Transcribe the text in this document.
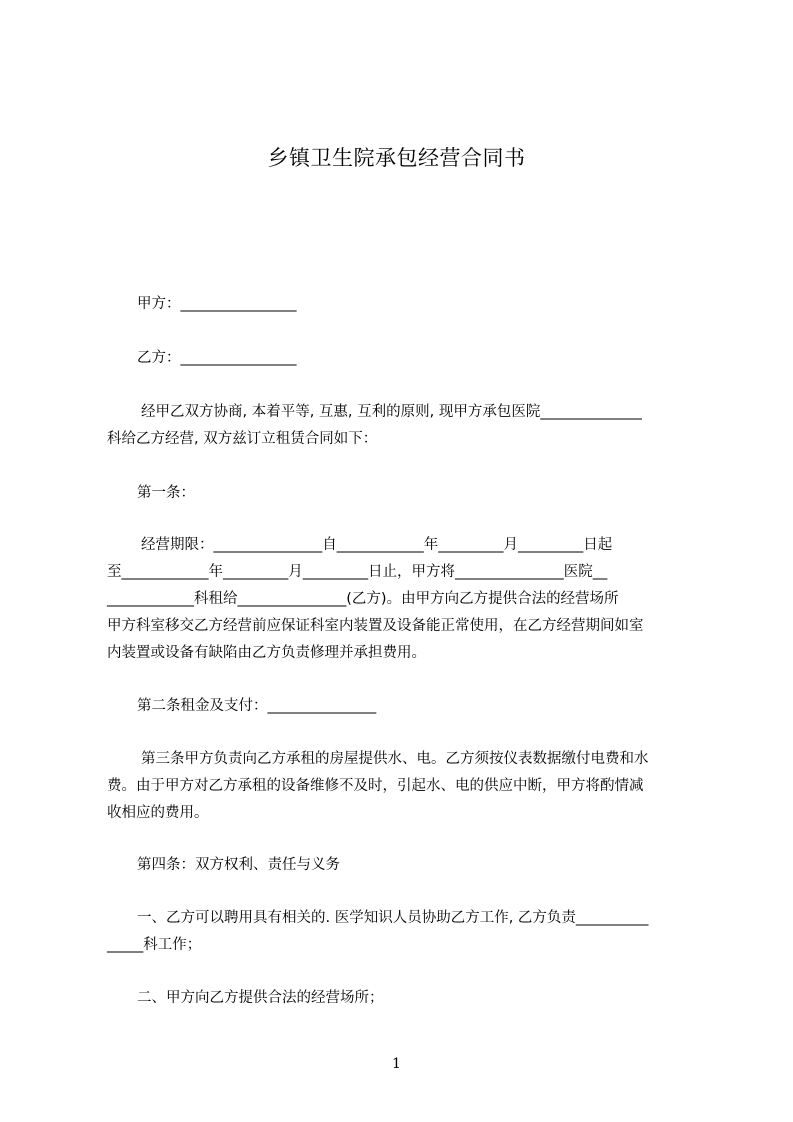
乡镇卫生院承包经营合同书
甲方：________________
乙方：________________
经甲乙双方协商, 本着平等, 互惠, 互利的原则, 现甲方承包医院______________
科给乙方经营, 双方兹订立租赁合同如下：
第一条：
经营期限：_______________自____________年_________月_________日起
至____________年_________月_________日止，甲方将_______________医院__
____________科租给_______________(乙方)。由甲方向乙方提供合法的经营场所
甲方科室移交乙方经营前应保证科室内装置及设备能正常使用，在乙方经营期间如室
内装置或设备有缺陷由乙方负责修理并承担费用。
第二条租金及支付：_______________
第三条甲方负责向乙方承租的房屋提供水、电。乙方须按仪表数据缴付电费和水
费。由于甲方对乙方承租的设备维修不及时，引起水、电的供应中断，甲方将酌情减
收相应的费用。
第四条：双方权利、责任与义务
一、乙方可以聘用具有相关的. 医学知识人员协助乙方工作, 乙方负责__________
_____科工作；
二、甲方向乙方提供合法的经营场所；
1
